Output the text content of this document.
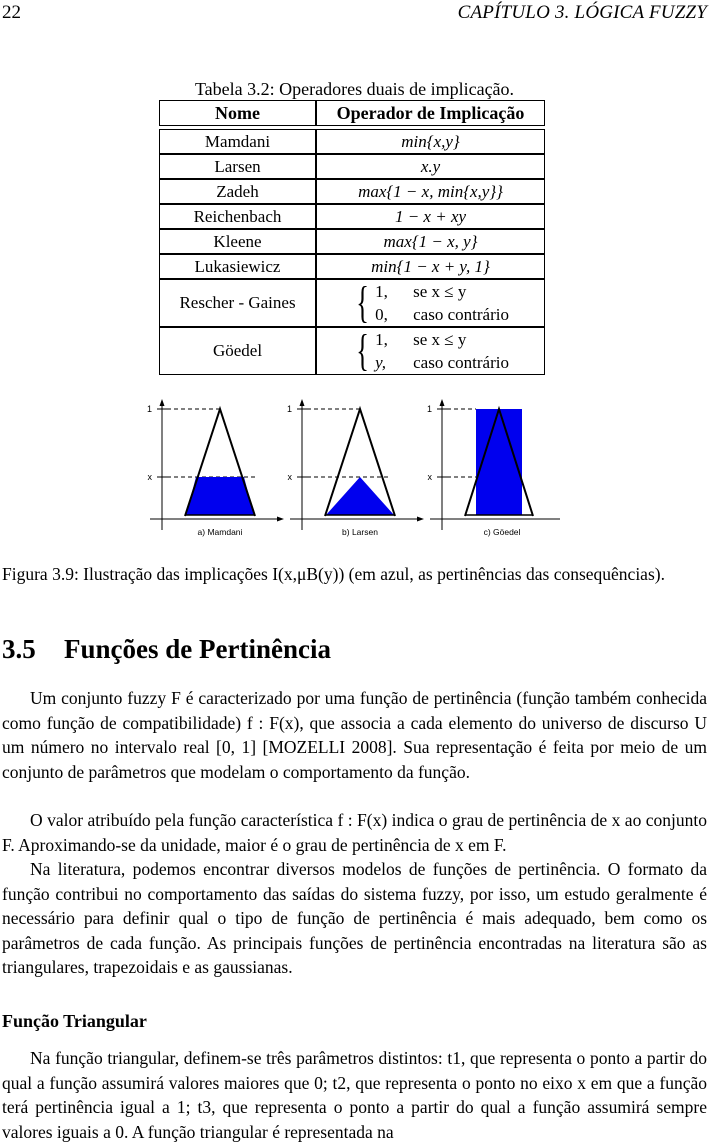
22	CAPÍTULO 3. LÓGICA FUZZY
Tabela 3.2: Operadores duais de implicação.
Nome	Operador de Implicação

Mamdani	min{x,y}
Larsen	x.y
Zadeh	max{1 − x, min{x,y}}
Reichenbach	1 − x + xy
Kleene	max{1 − x, y}
Lukasiewicz	min{1 − x + y, 1}
Rescher - Gaines	{ 1, se x ≤ y
0, caso contrário

Göedel	{ 1, se x ≤ y
y, caso contrário
1
x
a) Mamdani
1
x
b) Larsen
1
x
c) Göedel
Figura 3.9: Ilustração das implicações I(x,μB(y)) (em azul, as pertinências das consequências).
3.5 Funções de Pertinência

Um conjunto fuzzy F é caracterizado por uma função de pertinência (função também conhecida como função de compatibilidade) f : F(x), que associa a cada elemento do universo de discurso U um número no intervalo real [0, 1] [MOZELLI 2008]. Sua representação é feita por meio de um conjunto de parâmetros que modelam o comportamento da função.

O valor atribuído pela função característica f : F(x) indica o grau de pertinência de x ao conjunto F. Aproximando-se da unidade, maior é o grau de pertinência de x em F.

Na literatura, podemos encontrar diversos modelos de funções de pertinência. O formato da função contribui no comportamento das saídas do sistema fuzzy, por isso, um estudo geralmente é necessário para definir qual o tipo de função de pertinência é mais adequado, bem como os parâmetros de cada função. As principais funções de pertinência encontradas na literatura são as triangulares, trapezoidais e as gaussianas.

Função Triangular

Na função triangular, definem-se três parâmetros distintos: t1, que representa o ponto a partir do qual a função assumirá valores maiores que 0; t2, que representa o ponto no eixo x em que a função terá pertinência igual a 1; t3, que representa o ponto a partir do qual a função assumirá sempre valores iguais a 0. A função triangular é representada na
